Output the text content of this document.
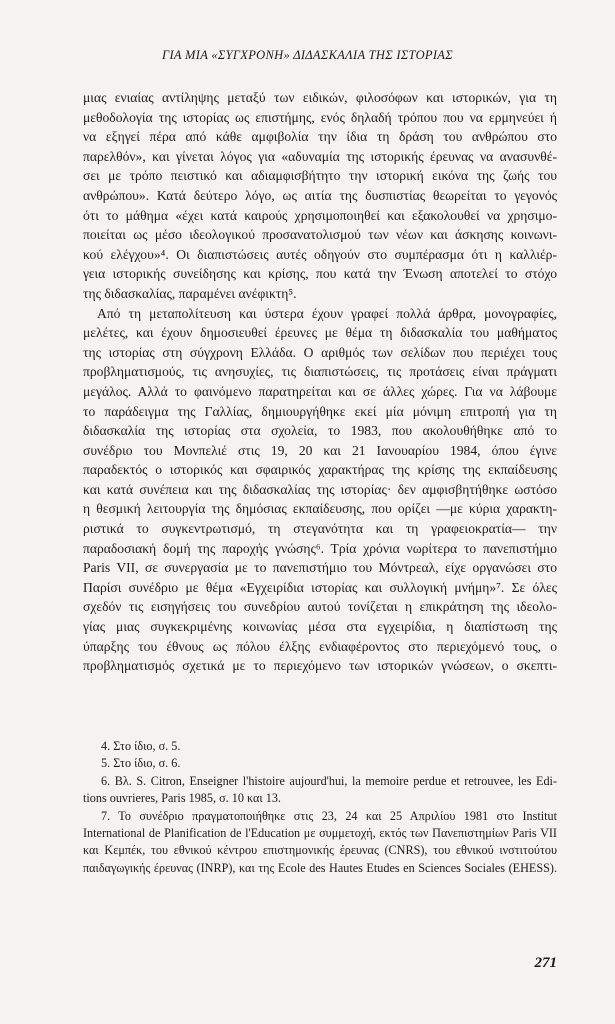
ΓΙΑ ΜΙΑ «ΣΥΓΧΡΟΝΗ» ΔΙΔΑΣΚΑΛΙΑ ΤΗΣ ΙΣΤΟΡΙΑΣ
μιας ενιαίας αντίληψης μεταξύ των ειδικών, φιλοσόφων και ιστορικών, για τη
μεθοδολογία της ιστορίας ως επιστήμης, ενός δηλαδή τρόπου που να ερμηνεύει ή
να εξηγεί πέρα από κάθε αμφιβολία την ίδια τη δράση του ανθρώπου στο
παρελθόν», και γίνεται λόγος για «αδυναμία της ιστορικής έρευνας να ανασυνθέ-
σει με τρόπο πειστικό και αδιαμφισβήτητο την ιστορική εικόνα της ζωής του
ανθρώπου». Κατά δεύτερο λόγο, ως αιτία της δυσπιστίας θεωρείται το γεγονός
ότι το μάθημα «έχει κατά καιρούς χρησιμοποιηθεί και εξακολουθεί να χρησιμο-
ποιείται ως μέσο ιδεολογικού προσανατολισμού των νέων και άσκησης κοινωνι-
κού ελέγχου»⁴. Οι διαπιστώσεις αυτές οδηγούν στο συμπέρασμα ότι η καλλιέρ-
γεια ιστορικής συνείδησης και κρίσης, που κατά την Ένωση αποτελεί το στόχο
της διδασκαλίας, παραμένει ανέφικτη⁵.
Από τη μεταπολίτευση και ύστερα έχουν γραφεί πολλά άρθρα, μονογραφίες,
μελέτες, και έχουν δημοσιευθεί έρευνες με θέμα τη διδασκαλία του μαθήματος
της ιστορίας στη σύγχρονη Ελλάδα. Ο αριθμός των σελίδων που περιέχει τους
προβληματισμούς, τις ανησυχίες, τις διαπιστώσεις, τις προτάσεις είναι πράγματι
μεγάλος. Αλλά το φαινόμενο παρατηρείται και σε άλλες χώρες. Για να λάβουμε
το παράδειγμα της Γαλλίας, δημιουργήθηκε εκεί μία μόνιμη επιτροπή για τη
διδασκαλία της ιστορίας στα σχολεία, το 1983, που ακολουθήθηκε από το
συνέδριο του Μονπελιέ στις 19, 20 και 21 Ιανουαρίου 1984, όπου έγινε
παραδεκτός ο ιστορικός και σφαιρικός χαρακτήρας της κρίσης της εκπαίδευσης
και κατά συνέπεια και της διδασκαλίας της ιστορίας· δεν αμφισβητήθηκε ωστόσο
η θεσμική λειτουργία της δημόσιας εκπαίδευσης, που ορίζει —με κύρια χαρακτη-
ριστικά το συγκεντρωτισμό, τη στεγανότητα και τη γραφειοκρατία— την
παραδοσιακή δομή της παροχής γνώσης⁶. Τρία χρόνια νωρίτερα το πανεπιστήμιο
Paris VII, σε συνεργασία με το πανεπιστήμιο του Μόντρεαλ, είχε οργανώσει στο
Παρίσι συνέδριο με θέμα «Εγχειρίδια ιστορίας και συλλογική μνήμη»⁷. Σε όλες
σχεδόν τις εισηγήσεις του συνεδρίου αυτού τονίζεται η επικράτηση της ιδεολο-
γίας μιας συγκεκριμένης κοινωνίας μέσα στα εγχειρίδια, η διαπίστωση της
ύπαρξης του έθνους ως πόλου έλξης ενδιαφέροντος στο περιεχόμενό τους, ο
προβληματισμός σχετικά με το περιεχόμενο των ιστορικών γνώσεων, ο σκεπτι-
4. Στο ίδιο, σ. 5.
5. Στο ίδιο, σ. 6.
6. Βλ. S. Citron, Enseigner l'histoire aujourd'hui, la memoire perdue et retrouvee, les Edi-
tions ouvrieres, Paris 1985, σ. 10 και 13.
7. Το συνέδριο πραγματοποιήθηκε στις 23, 24 και 25 Απριλίου 1981 στο Institut
International de Planification de l'Education με συμμετοχή, εκτός των Πανεπιστημίων Paris VII
και Κεμπέκ, του εθνικού κέντρου επιστημονικής έρευνας (CNRS), του εθνικού ινστιτούτου
παιδαγωγικής έρευνας (INRP), και της Ecole des Hautes Etudes en Sciences Sociales (EHESS).
271
